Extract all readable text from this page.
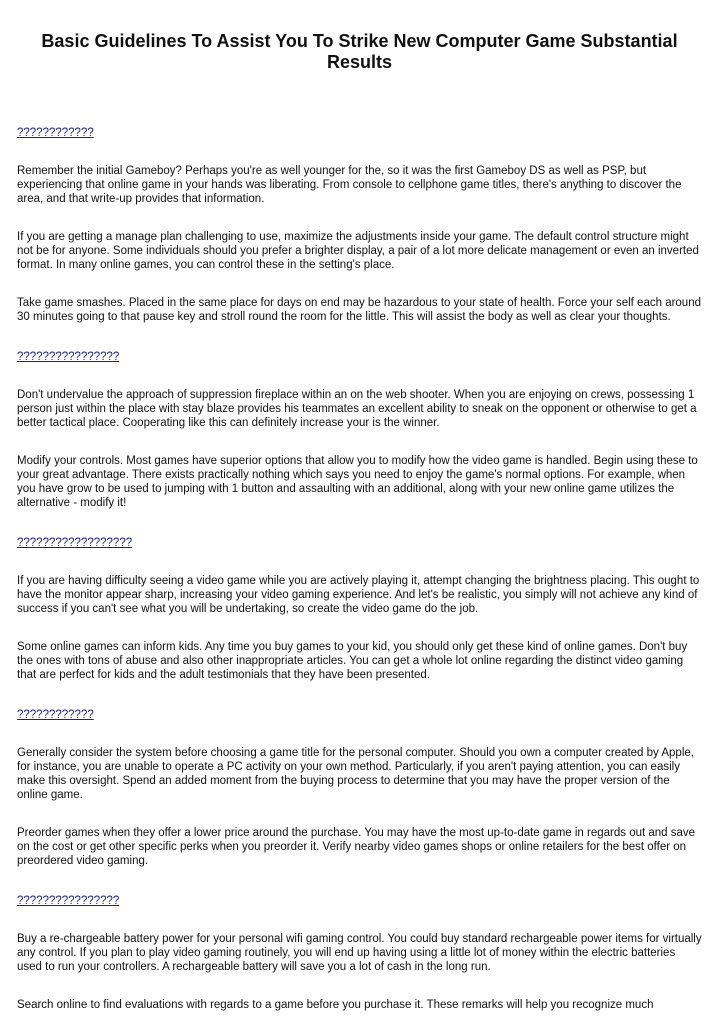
Basic Guidelines To Assist You To Strike New Computer Game Substantial Results
????????????

Remember the initial Gameboy? Perhaps you're as well younger for the, so it was the first Gameboy DS as well as PSP, but experiencing that online game in your hands was liberating. From console to cellphone game titles, there's anything to discover the area, and that write-up provides that information.

If you are getting a manage plan challenging to use, maximize the adjustments inside your game. The default control structure might not be for anyone. Some individuals should you prefer a brighter display, a pair of a lot more delicate management or even an inverted format. In many online games, you can control these in the setting's place.

Take game smashes. Placed in the same place for days on end may be hazardous to your state of health. Force your self each around 30 minutes going to that pause key and stroll round the room for the little. This will assist the body as well as clear your thoughts.

????????????????

Don't undervalue the approach of suppression fireplace within an on the web shooter. When you are enjoying on crews, possessing 1 person just within the place with stay blaze provides his teammates an excellent ability to sneak on the opponent or otherwise to get a better tactical place. Cooperating like this can definitely increase your is the winner.

Modify your controls. Most games have superior options that allow you to modify how the video game is handled. Begin using these to your great advantage. There exists practically nothing which says you need to enjoy the game's normal options. For example, when you have grow to be used to jumping with 1 button and assaulting with an additional, along with your new online game utilizes the alternative - modify it!

??????????????????

If you are having difficulty seeing a video game while you are actively playing it, attempt changing the brightness placing. This ought to have the monitor appear sharp, increasing your video gaming experience. And let's be realistic, you simply will not achieve any kind of success if you can't see what you will be undertaking, so create the video game do the job.

Some online games can inform kids. Any time you buy games to your kid, you should only get these kind of online games. Don't buy the ones with tons of abuse and also other inappropriate articles. You can get a whole lot online regarding the distinct video gaming that are perfect for kids and the adult testimonials that they have been presented.

????????????

Generally consider the system before choosing a game title for the personal computer. Should you own a computer created by Apple, for instance, you are unable to operate a PC activity on your own method. Particularly, if you aren't paying attention, you can easily make this oversight. Spend an added moment from the buying process to determine that you may have the proper version of the online game.

Preorder games when they offer a lower price around the purchase. You may have the most up-to-date game in regards out and save on the cost or get other specific perks when you preorder it. Verify nearby video games shops or online retailers for the best offer on preordered video gaming.

????????????????

Buy a re-chargeable battery power for your personal wifi gaming control. You could buy standard rechargeable power items for virtually any control. If you plan to play video gaming routinely, you will end up having using a little lot of money within the electric batteries used to run your controllers. A rechargeable battery will save you a lot of cash in the long run.

Search online to find evaluations with regards to a game before you purchase it. These remarks will help you recognize much
